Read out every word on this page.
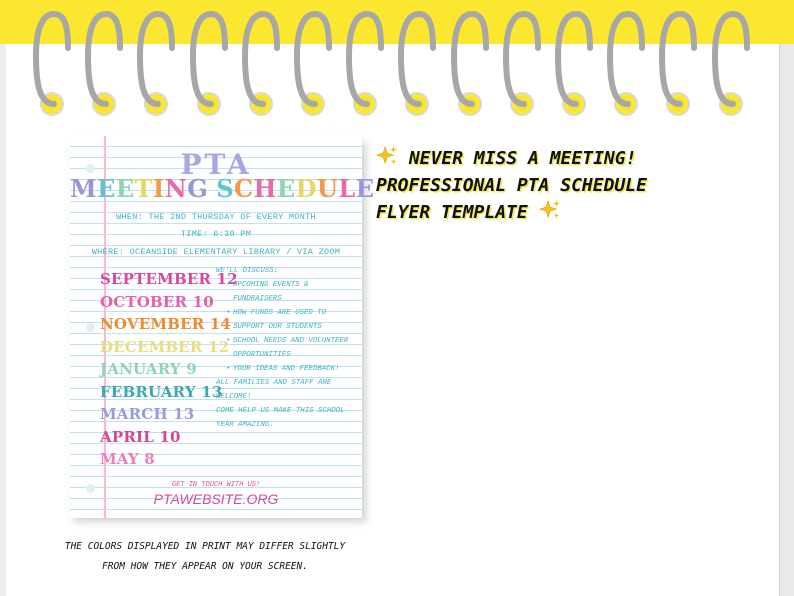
PTA
MEETING SCHEDULE
WHEN: THE 2ND THURSDAY OF EVERY MONTH
TIME: 6:30 PM
WHERE: OCEANSIDE ELEMENTARY LIBRARY / VIA ZOOM
SEPTEMBER 12
OCTOBER 10
NOVEMBER 14
DECEMBER 12
JANUARY 9
FEBRUARY 13
MARCH 13
APRIL 10
MAY 8
WE'LL DISCUSS:
• UPCOMING EVENTS & FUNDRAISERS
• HOW FUNDS ARE USED TO SUPPORT OUR STUDENTS
• SCHOOL NEEDS AND VOLUNTEER OPPORTUNITIES
• YOUR IDEAS AND FEEDBACK!
ALL FAMILIES AND STAFF ARE WELCOME!
COME HELP US MAKE THIS SCHOOL YEAR AMAZING.
GET IN TOUCH WITH US!
PTAWEBSITE.ORG
NEVER MISS A MEETING!
PROFESSIONAL PTA SCHEDULE
FLYER TEMPLATE
THE COLORS DISPLAYED IN PRINT MAY DIFFER SLIGHTLY
FROM HOW THEY APPEAR ON YOUR SCREEN.
